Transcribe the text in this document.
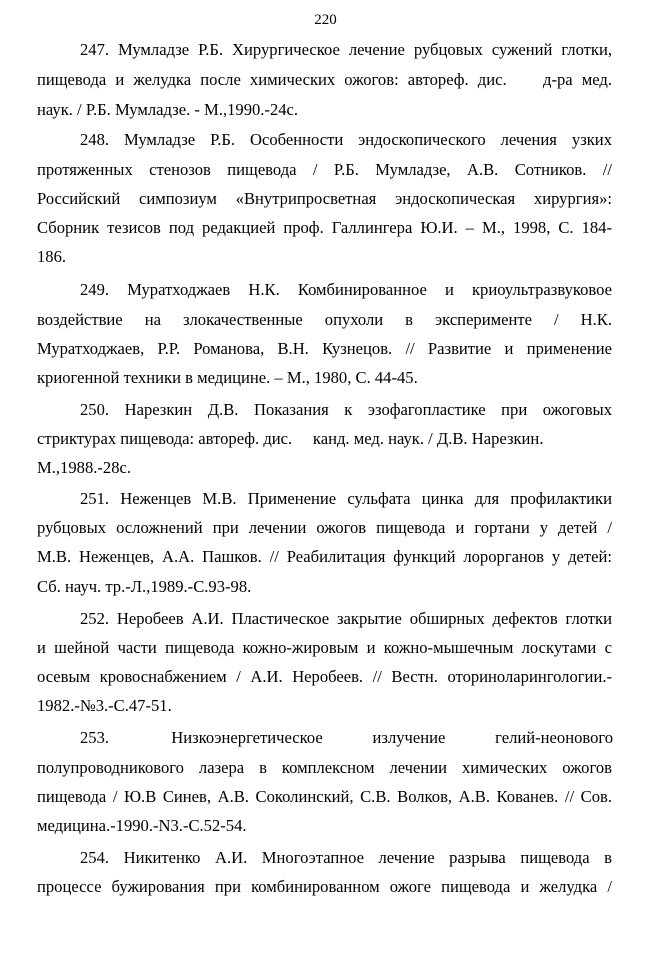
220
247. Мумладзе Р.Б. Хирургическое лечение рубцовых сужений глотки,
пищевода и желудка после химических ожогов: автореф. дис.    д-ра мед.
наук. / Р.Б. Мумладзе. - М.,1990.-24с.
248. Мумладзе Р.Б. Особенности эндоскопического лечения узких
протяженных стенозов пищевода / Р.Б. Мумладзе, А.В. Сотников. //
Российский симпозиум «Внутрипросветная эндоскопическая хирургия»:
Сборник тезисов под редакцией проф. Галлингера Ю.И. – М., 1998, С. 184-
186.
249. Муратходжаев Н.К. Комбинированное и криоультразвуковое
воздействие на злокачественные опухоли в эксперименте / Н.К.
Муратходжаев, Р.Р. Романова, В.Н. Кузнецов. // Развитие и применение
криогенной техники в медицине. – М., 1980, С. 44-45.
250. Нарезкин Д.В. Показания к эзофагопластике при ожоговых
стриктурах пищевода: автореф. дис.     канд. мед. наук. / Д.В. Нарезкин.
М.,1988.-28с.
251. Неженцев М.В. Применение сульфата цинка для профилактики
рубцовых осложнений при лечении ожогов пищевода и гортани у детей /
М.В. Неженцев, А.А. Пашков. // Реабилитация функций лорорганов у детей:
Сб. науч. тр.-Л.,1989.-С.93-98.
252. Неробеев А.И. Пластическое закрытие обширных дефектов глотки
и шейной части пищевода кожно-жировым и кожно-мышечным лоскутами с
осевым кровоснабжением / А.И. Неробеев. // Вестн. оториноларингологии.-
1982.-№3.-С.47-51.
253.               Низкоэнергетическое            излучение            гелий-неонового
полупроводникового лазера в комплексном лечении химических ожогов
пищевода / Ю.В Синев, А.В. Соколинский, С.В. Волков, А.В. Кованев. // Сов.
медицина.-1990.-N3.-С.52-54.
254. Никитенко А.И. Многоэтапное лечение разрыва пищевода в
процессе бужирования при комбинированном ожоге пищевода и желудка /
